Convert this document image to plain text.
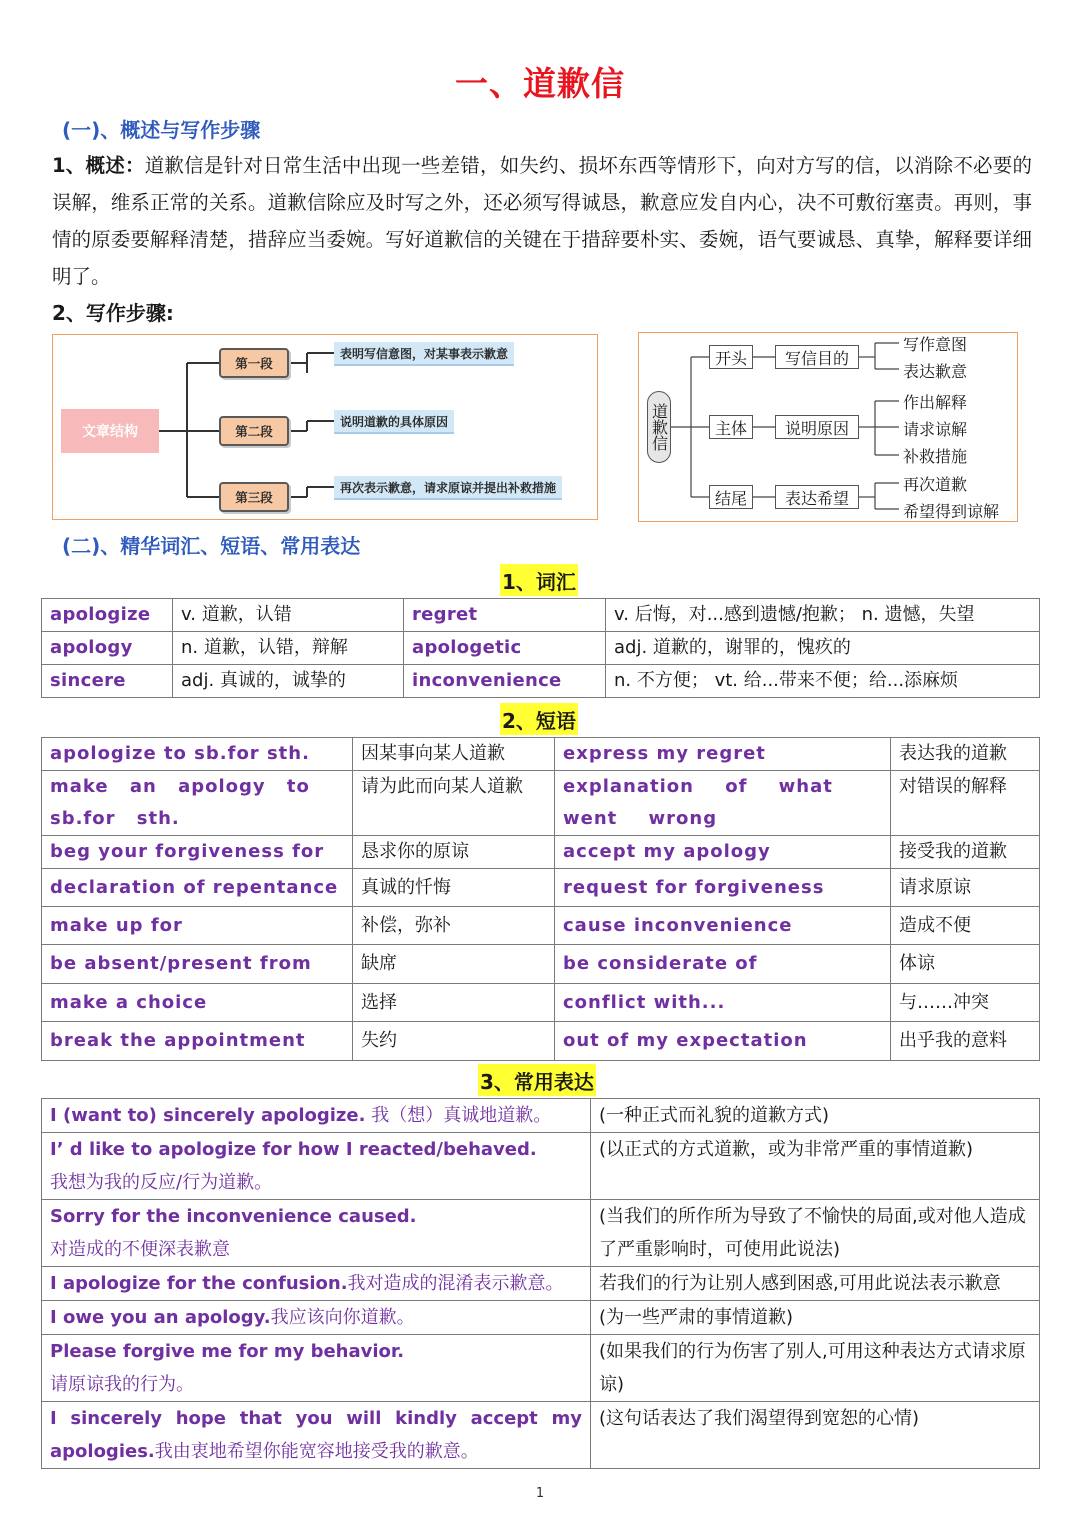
一、道歉信
(一)、概述与写作步骤
1、概述：道歉信是针对日常生活中出现一些差错，如失约、损坏东西等情形下，向对方写的信，以消除不必要的误解，维系正常的关系。道歉信除应及时写之外，还必须写得诚恳，歉意应发自内心，决不可敷衍塞责。再则，事情的原委要解释清楚，措辞应当委婉。写好道歉信的关键在于措辞要朴实、委婉，语气要诚恳、真挚，解释要详细明了。
2、写作步骤:
文章结构
第一段
第二段
第三段
表明写信意图，对某事表示歉意
说明道歉的具体原因
再次表示歉意，请求原谅并提出补救措施
道歉信
开头	写信目的
写作意图
表达歉意
主体	说明原因
作出解释
请求谅解
补救措施
结尾	表达希望
再次道歉
希望得到谅解
(二)、精华词汇、短语、常用表达
1、词汇
apologize	v. 道歉，认错	regret	v. 后悔，对...感到遗憾/抱歉； n. 遗憾，失望
apology	n. 道歉，认错，辩解	apologetic	adj. 道歉的，谢罪的，愧疚的
sincere	adj. 真诚的，诚挚的	inconvenience	n. 不方便； vt. 给...带来不便；给...添麻烦
2、短语
apologize to sb.for sth.	因某事向某人道歉	express my regret	表达我的道歉
make an apology to sb.for sth.	请为此而向某人道歉	explanation of what went wrong	对错误的解释
beg your forgiveness for	恳求你的原谅	accept my apology	接受我的道歉
declaration of repentance	真诚的忏悔	request for forgiveness	请求原谅
make up for	补偿，弥补	cause inconvenience	造成不便
be absent/present from	缺席	be considerate of	体谅
make a choice	选择	conflict with...	与……冲突
break the appointment	失约	out of my expectation	出乎我的意料
3、常用表达
I (want to) sincerely apologize. 我（想）真诚地道歉。	(一种正式而礼貌的道歉方式)
I’ d like to apologize for how I reacted/behaved.
我想为我的反应/行为道歉。	(以正式的方式道歉，或为非常严重的事情道歉)
Sorry for the inconvenience caused.
对造成的不便深表歉意	(当我们的所作所为导致了不愉快的局面,或对他人造成了严重影响时，可使用此说法)
I apologize for the confusion.我对造成的混淆表示歉意。	若我们的行为让别人感到困惑,可用此说法表示歉意
I owe you an apology.我应该向你道歉。	(为一些严肃的事情道歉)
Please forgive me for my behavior.
请原谅我的行为。	(如果我们的行为伤害了别人,可用这种表达方式请求原谅)
I sincerely hope that you will kindly accept my apologies.我由衷地希望你能宽容地接受我的歉意。	(这句话表达了我们渴望得到宽恕的心情)
1
